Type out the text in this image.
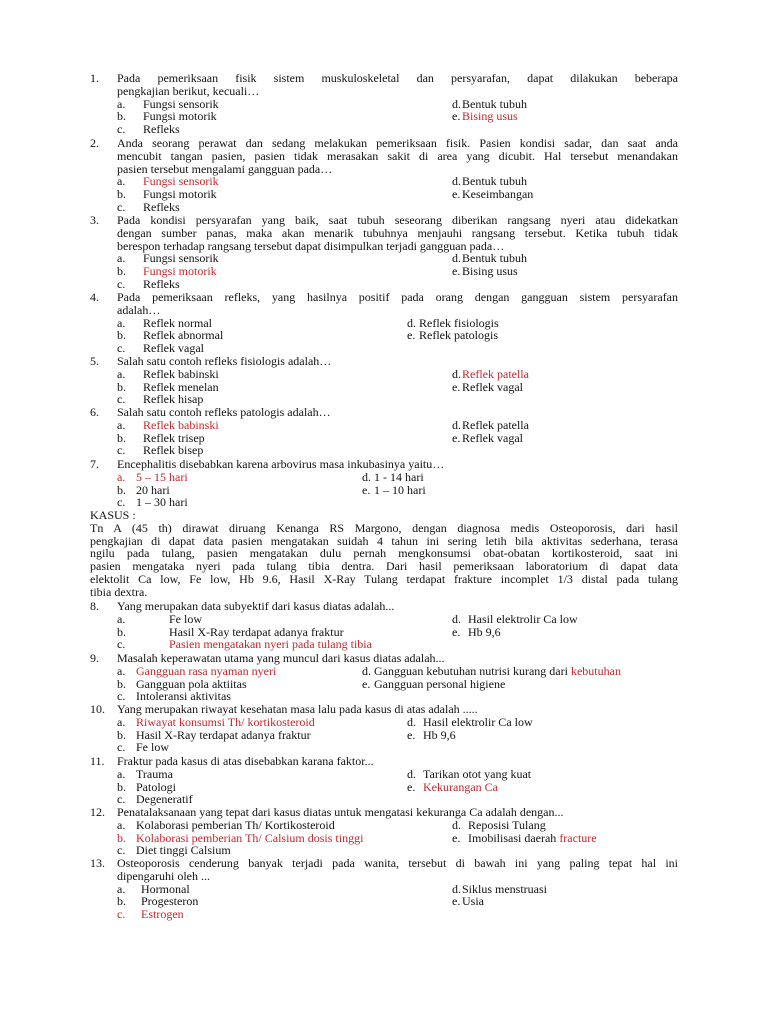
1. Pada pemeriksaan fisik sistem muskuloskeletal dan persyarafan, dapat dilakukan beberapa
pengkajian berikut, kecuali…
a. Fungsi sensorik	d. Bentuk tubuh
b. Fungsi motorik	e. Bising usus
c. Refleks
2. Anda seorang perawat dan sedang melakukan pemeriksaan fisik. Pasien kondisi sadar, dan saat anda
mencubit tangan pasien, pasien tidak merasakan sakit di area yang dicubit. Hal tersebut menandakan
pasien tersebut mengalami gangguan pada…
a. Fungsi sensorik	d. Bentuk tubuh
b. Fungsi motorik	e. Keseimbangan
c. Refleks
3. Pada kondisi persyarafan yang baik, saat tubuh seseorang diberikan rangsang nyeri atau didekatkan
dengan sumber panas, maka akan menarik tubuhnya menjauhi rangsang tersebut. Ketika tubuh tidak
berespon terhadap rangsang tersebut dapat disimpulkan terjadi gangguan pada…
a. Fungsi sensorik	d. Bentuk tubuh
b. Fungsi motorik	e. Bising usus
c. Refleks
4. Pada pemeriksaan refleks, yang hasilnya positif pada orang dengan gangguan sistem persyarafan
adalah…
a. Reflek normal	d. Reflek fisiologis
b. Reflek abnormal	e. Reflek patologis
c. Reflek vagal
5. Salah satu contoh refleks fisiologis adalah…
a. Reflek babinski	d. Reflek patella
b. Reflek menelan	e. Reflek vagal
c. Reflek hisap
6. Salah satu contoh refleks patologis adalah…
a. Reflek babinski	d. Reflek patella
b. Reflek trisep	e. Reflek vagal
c. Reflek bisep
7. Encephalitis disebabkan karena arbovirus masa inkubasinya yaitu…
a. 5 – 15 hari	d. 1 - 14 hari
b. 20 hari	e. 1 – 10 hari
c. 1 – 30 hari
KASUS :
Tn A (45 th) dirawat diruang Kenanga RS Margono, dengan diagnosa medis Osteoporosis, dari hasil
pengkajian di dapat data pasien mengatakan suidah 4 tahun ini sering letih bila aktivitas sederhana, terasa
ngilu pada tulang, pasien mengatakan dulu pernah mengkonsumsi obat-obatan kortikosteroid, saat ini
pasien mengataka nyeri pada tulang tibia dentra. Dari hasil pemeriksaan laboratorium di dapat data
elektolit Ca low, Fe low, Hb 9.6, Hasil X-Ray Tulang terdapat frakture incomplet 1/3 distal pada tulang
tibia dextra.
8. Yang merupakan data subyektif dari kasus diatas adalah...
a.	Fe low	d. Hasil elektrolir Ca low
b.	Hasil X-Ray terdapat adanya fraktur	e. Hb 9,6
c.	Pasien mengatakan nyeri pada tulang tibia
9. Masalah keperawatan utama yang muncul dari kasus diatas adalah...
a. Gangguan rasa nyaman nyeri	d. Gangguan kebutuhan nutrisi kurang dari kebutuhan
b. Gangguan pola aktiitas	e. Gangguan personal higiene
c. Intoleransi aktivitas
10. Yang merupakan riwayat kesehatan masa lalu pada kasus di atas adalah .....
a. Riwayat konsumsi Th/ kortikosteroid	d. Hasil elektrolir Ca low
b. Hasil X-Ray terdapat adanya fraktur	e. Hb 9,6
c. Fe low
11. Fraktur pada kasus di atas disebabkan karana faktor...
a. Trauma	d. Tarikan otot yang kuat
b. Patologi	e. Kekurangan Ca
c. Degeneratif
12. Penatalaksanaan yang tepat dari kasus diatas untuk mengatasi kekuranga Ca adalah dengan...
a. Kolaborasi pemberian Th/ Kortikosteroid	d. Reposisi Tulang
b. Kolaborasi pemberian Th/ Calsium dosis tinggi	e. Imobilisasi daerah fracture
c. Diet tinggi Calsium
13. Osteoporosis cenderung banyak terjadi pada wanita, tersebut di bawah ini yang paling tepat hal ini
dipengaruhi oleh ...
a. Hormonal	d. Siklus menstruasi
b. Progesteron	e. Usia
c. Estrogen
